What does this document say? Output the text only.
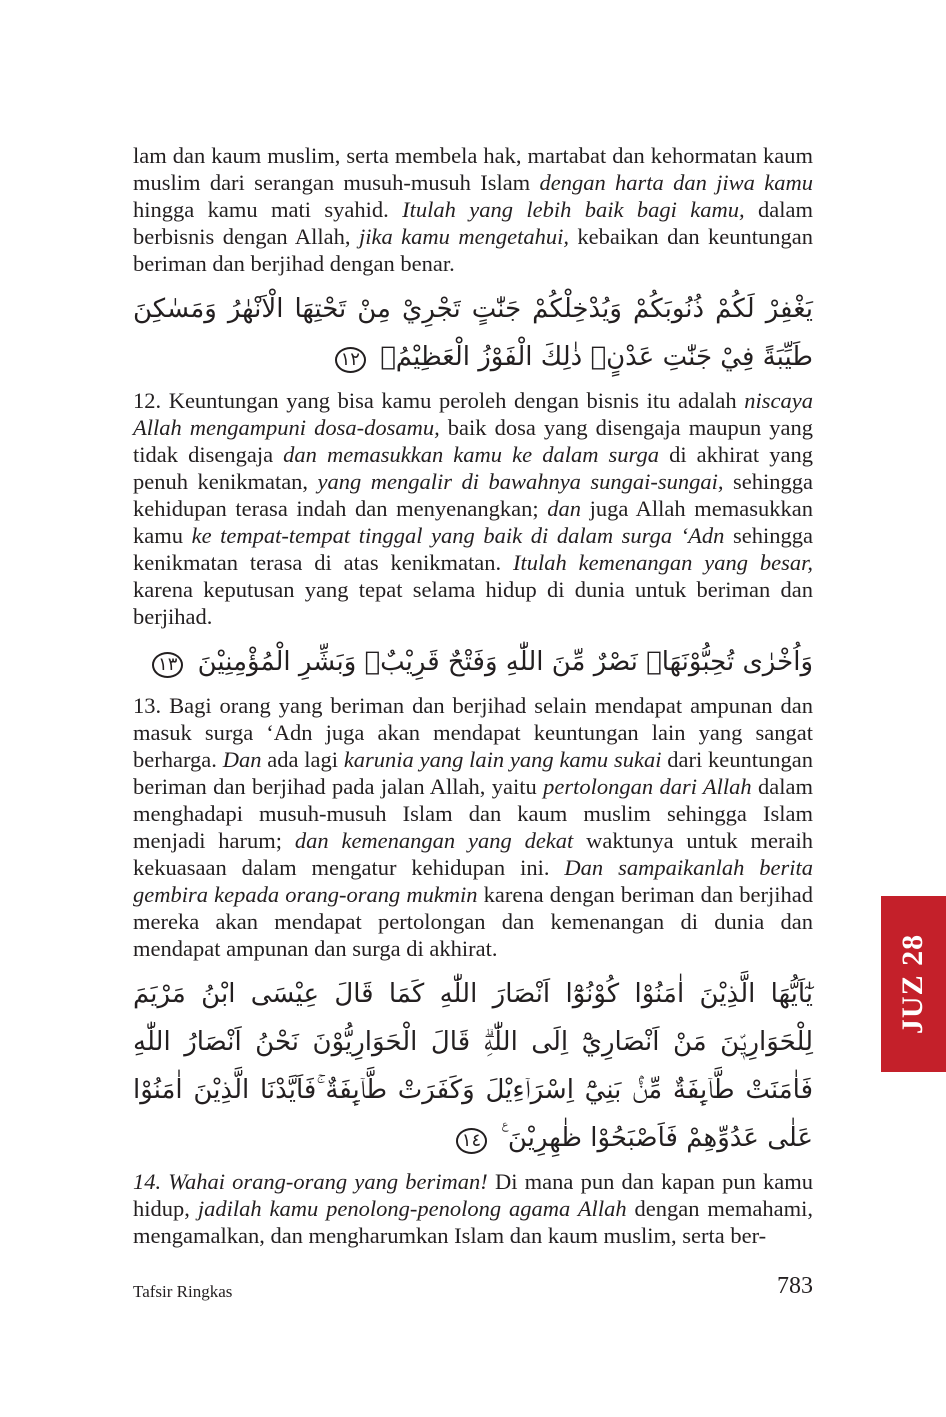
lam dan kaum muslim, serta membela hak, martabat dan kehormatan kaum muslim dari serangan musuh-musuh Islam dengan harta dan jiwa kamu hingga kamu mati syahid. Itulah yang lebih baik bagi kamu, dalam berbisnis dengan Allah, jika kamu mengetahui, kebaikan dan keuntungan beriman dan berjihad dengan benar.

يَغْفِرْ لَكُمْ ذُنُوبَكُمْ وَيُدْخِلْكُمْ جَنّٰتٍ تَجْرِيْ مِنْ تَحْتِهَا الْاَنْهٰرُ وَمَسٰكِنَ طَيِّبَةً فِيْ جَنّٰتِ عَدْنٍۗ ذٰلِكَ الْفَوْزُ الْعَظِيْمُۙ ١٢

12. Keuntungan yang bisa kamu peroleh dengan bisnis itu adalah niscaya Allah mengampuni dosa-dosamu, baik dosa yang disengaja maupun yang tidak disengaja dan memasukkan kamu ke dalam surga di akhirat yang penuh kenikmatan, yang mengalir di bawahnya sungai-sungai, sehingga kehidupan terasa indah dan menyenangkan; dan juga Allah memasukkan kamu ke tempat-tempat tinggal yang baik di dalam surga ‘Adn sehingga kenikmatan terasa di atas kenikmatan. Itulah kemenangan yang besar, karena keputusan yang tepat selama hidup di dunia untuk beriman dan berjihad.

وَاُخْرٰى تُحِبُّوْنَهَاۗ نَصْرٌ مِّنَ اللّٰهِ وَفَتْحٌ قَرِيْبٌۗ وَبَشِّرِ الْمُؤْمِنِيْنَ ١٣

13. Bagi orang yang beriman dan berjihad selain mendapat ampunan dan masuk surga ‘Adn juga akan mendapat keuntungan lain yang sangat berharga. Dan ada lagi karunia yang lain yang kamu sukai dari keuntungan beriman dan berjihad pada jalan Allah, yaitu pertolongan dari Allah dalam menghadapi musuh-musuh Islam dan kaum muslim sehingga Islam menjadi harum; dan kemenangan yang dekat waktunya untuk meraih kekuasaan dalam mengatur kehidupan ini. Dan sampaikanlah berita gembira kepada orang-orang mukmin karena dengan beriman dan berjihad mereka akan mendapat pertolongan dan kemenangan di dunia dan mendapat ampunan dan surga di akhirat.

يٰٓاَيُّهَا الَّذِيْنَ اٰمَنُوْا كُوْنُوْٓا اَنْصَارَ اللّٰهِ كَمَا قَالَ عِيْسَى ابْنُ مَرْيَمَ لِلْحَوَارِيّٖنَ مَنْ اَنْصَارِيْٓ اِلَى اللّٰهِۗ قَالَ الْحَوَارِيُّوْنَ نَحْنُ اَنْصَارُ اللّٰهِ فَاٰمَنَتْ طَّاۤىِٕفَةٌ مِّنْۢ بَنِيْٓ اِسْرَاۤءِيْلَ وَكَفَرَتْ طَّاۤىِٕفَةٌ ۚفَاَيَّدْنَا الَّذِيْنَ اٰمَنُوْا عَلٰى عَدُوِّهِمْ فَاَصْبَحُوْا ظٰهِرِيْنَ ࣖ ١٤

14. Wahai orang-orang yang beriman! Di mana pun dan kapan pun kamu hidup, jadilah kamu penolong-penolong agama Allah dengan memahami, mengamalkan, dan mengharumkan Islam dan kaum muslim, serta ber-

JUZ 28
Tafsir Ringkas	783
